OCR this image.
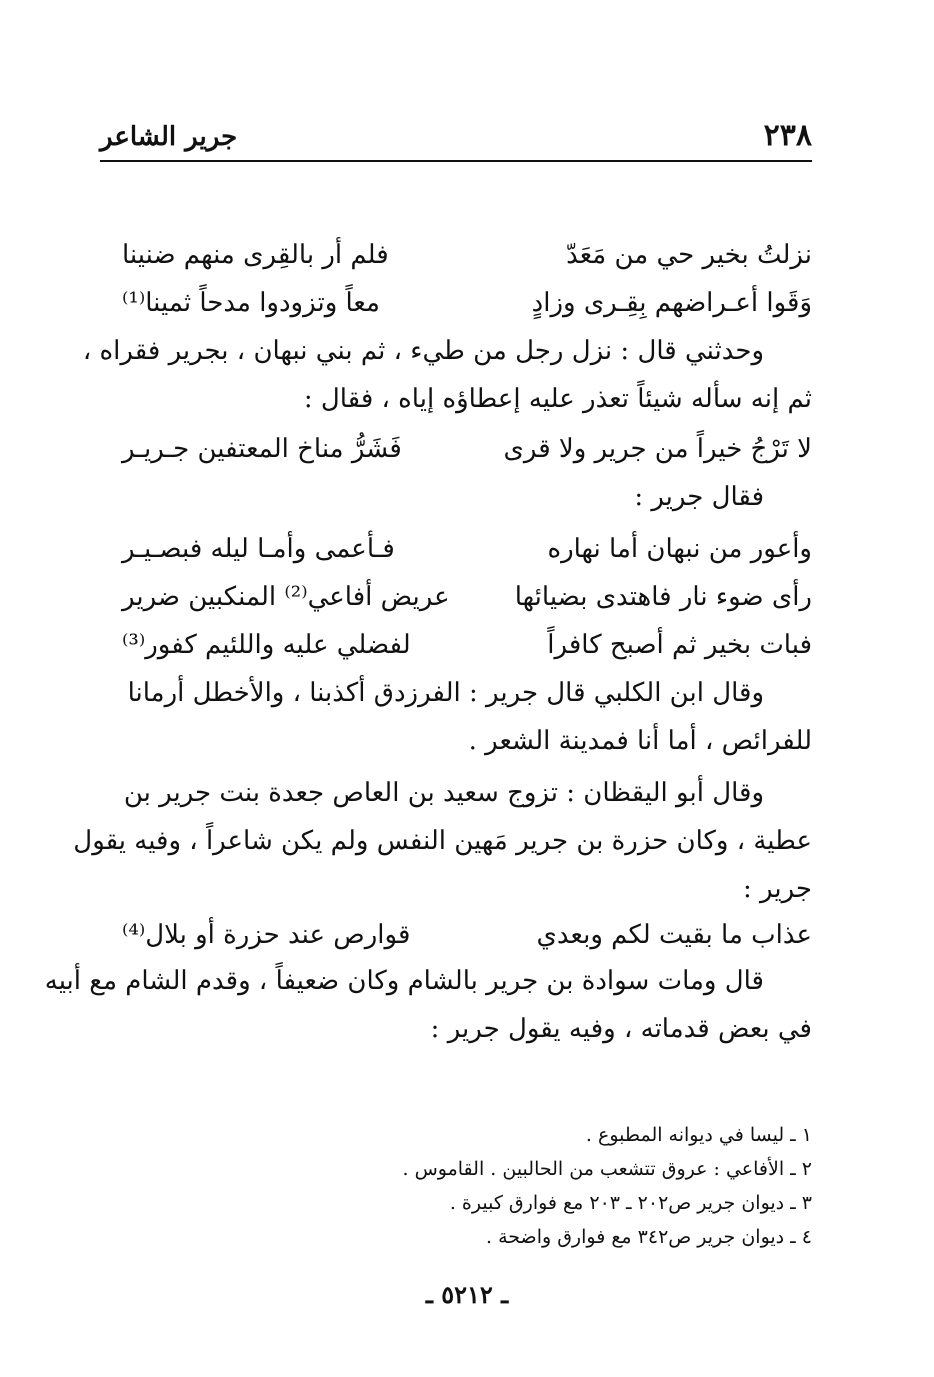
٢٣٨
جرير الشاعر
نزلتُ بخير حي من مَعَدّ
فلم أر بالقِرى منهم ضنينا
وَقَوا أعـراضهم بِقِـرى وزادٍ
معاً وتزودوا مدحاً ثمينا⁽¹⁾
وحدثني قال : نزل رجل من طيء ، ثم بني نبهان ، بجرير فقراه ،
ثم إنه سأله شيئاً تعذر عليه إعطاؤه إياه ، فقال :
لا تَرْجُ خيراً من جرير ولا قرى
فَشَرُّ مناخ المعتفين جـريـر
فقال جرير :
وأعور من نبهان أما نهاره
فـأعمى وأمـا ليله فبصـيـر
رأى ضوء نار فاهتدى بضيائها
عريض أفاعي⁽²⁾ المنكبين ضرير
فبات بخير ثم أصبح كافراً
لفضلي عليه واللئيم كفور⁽³⁾
وقال ابن الكلبي قال جرير : الفرزدق أكذبنا ، والأخطل أرمانا
للفرائص ، أما أنا فمدينة الشعر .
وقال أبو اليقظان : تزوج سعيد بن العاص جعدة بنت جرير بن
عطية ، وكان حزرة بن جرير مَهين النفس ولم يكن شاعراً ، وفيه يقول
جرير :
عذاب ما بقيت لكم وبعدي
قوارص عند حزرة أو بلال⁽⁴⁾
قال ومات سوادة بن جرير بالشام وكان ضعيفاً ، وقدم الشام مع أبيه
في بعض قدماته ، وفيه يقول جرير :
١ ـ ليسا في ديوانه المطبوع .
٢ ـ الأفاعي : عروق تتشعب من الحالبين . القاموس .
٣ ـ ديوان جرير ص٢٠٢ ـ ٢٠٣ مع فوارق كبيرة .
٤ ـ ديوان جرير ص٣٤٢ مع فوارق واضحة .
ـ ٥٢١٢ ـ
